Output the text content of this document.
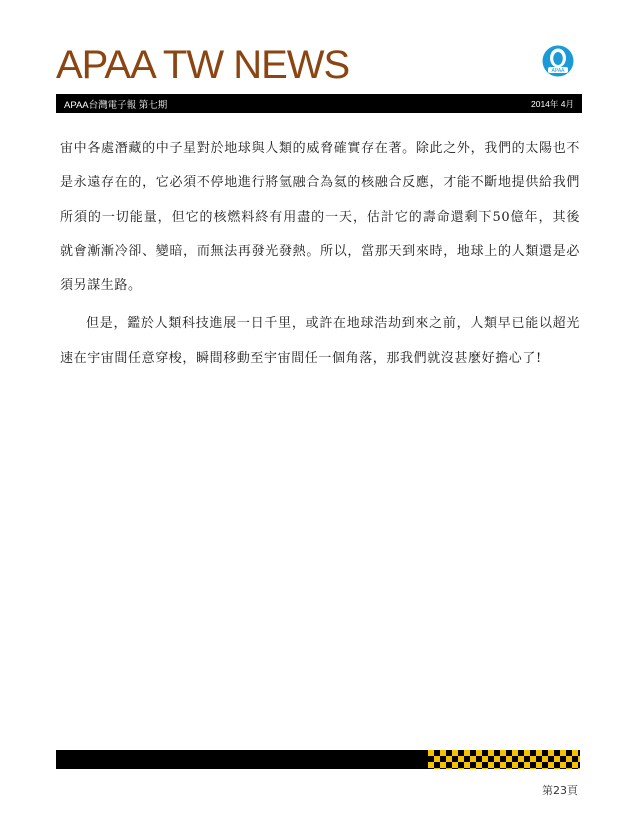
APAA TW NEWS	APAA
APAA台灣電子報 第七期	2014年 4月

宙中各處潛藏的中子星對於地球與人類的威脅確實存在著。除此之外，我們的太陽也不是永遠存在的，它必須不停地進行將氫融合為氦的核融合反應，才能不斷地提供給我們所須的一切能量，但它的核燃料終有用盡的一天，估計它的壽命還剩下50億年，其後就會漸漸冷卻、變暗，而無法再發光發熱。所以，當那天到來時，地球上的人類還是必須另謀生路。

但是，鑑於人類科技進展一日千里，或許在地球浩劫到來之前，人類早已能以超光速在宇宙間任意穿梭，瞬間移動至宇宙間任一個角落，那我們就沒甚麼好擔心了!

第23頁
